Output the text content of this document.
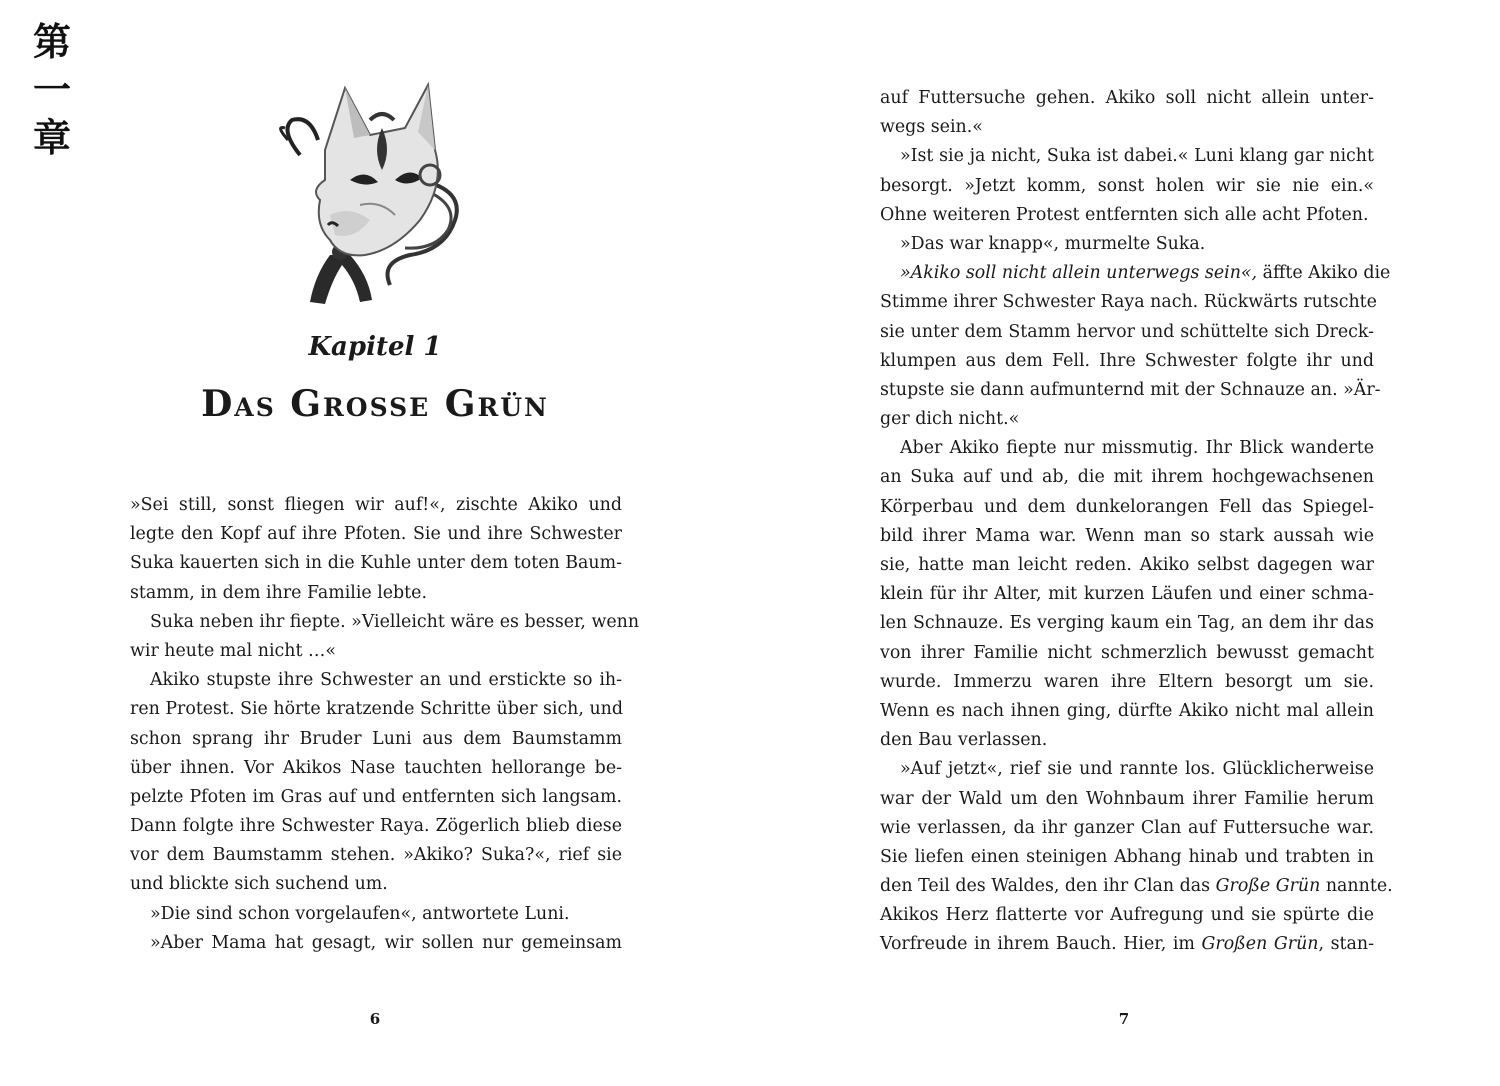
第
一
章
Kapitel 1
Das Grosse Grün
»Sei still, sonst fliegen wir auf!«, zischte Akiko und
legte den Kopf auf ihre Pfoten. Sie und ihre Schwester
Suka kauerten sich in die Kuhle unter dem toten Baum-
stamm, in dem ihre Familie lebte.
Suka neben ihr fiepte. »Vielleicht wäre es besser, wenn
wir heute mal nicht …«
Akiko stupste ihre Schwester an und erstickte so ih-
ren Protest. Sie hörte kratzende Schritte über sich, und
schon sprang ihr Bruder Luni aus dem Baumstamm
über ihnen. Vor Akikos Nase tauchten hellorange be-
pelzte Pfoten im Gras auf und entfernten sich langsam.
Dann folgte ihre Schwester Raya. Zögerlich blieb diese
vor dem Baumstamm stehen. »Akiko? Suka?«, rief sie
und blickte sich suchend um.
»Die sind schon vorgelaufen«, antwortete Luni.
»Aber Mama hat gesagt, wir sollen nur gemeinsam
6
auf Futtersuche gehen. Akiko soll nicht allein unter-
wegs sein.«
»Ist sie ja nicht, Suka ist dabei.« Luni klang gar nicht
besorgt. »Jetzt komm, sonst holen wir sie nie ein.«
Ohne weiteren Protest entfernten sich alle acht Pfoten.
»Das war knapp«, murmelte Suka.
»Akiko soll nicht allein unterwegs sein«, äffte Akiko die
Stimme ihrer Schwester Raya nach. Rückwärts rutschte
sie unter dem Stamm hervor und schüttelte sich Dreck-
klumpen aus dem Fell. Ihre Schwester folgte ihr und
stupste sie dann aufmunternd mit der Schnauze an. »Är-
ger dich nicht.«
Aber Akiko fiepte nur missmutig. Ihr Blick wanderte
an Suka auf und ab, die mit ihrem hochgewachsenen
Körperbau und dem dunkelorangen Fell das Spiegel-
bild ihrer Mama war. Wenn man so stark aussah wie
sie, hatte man leicht reden. Akiko selbst dagegen war
klein für ihr Alter, mit kurzen Läufen und einer schma-
len Schnauze. Es verging kaum ein Tag, an dem ihr das
von ihrer Familie nicht schmerzlich bewusst gemacht
wurde. Immerzu waren ihre Eltern besorgt um sie.
Wenn es nach ihnen ging, dürfte Akiko nicht mal allein
den Bau verlassen.
»Auf jetzt«, rief sie und rannte los. Glücklicherweise
war der Wald um den Wohnbaum ihrer Familie herum
wie verlassen, da ihr ganzer Clan auf Futtersuche war.
Sie liefen einen steinigen Abhang hinab und trabten in
den Teil des Waldes, den ihr Clan das Große Grün nannte.
Akikos Herz flatterte vor Aufregung und sie spürte die
Vorfreude in ihrem Bauch. Hier, im Großen Grün, stan-
7
